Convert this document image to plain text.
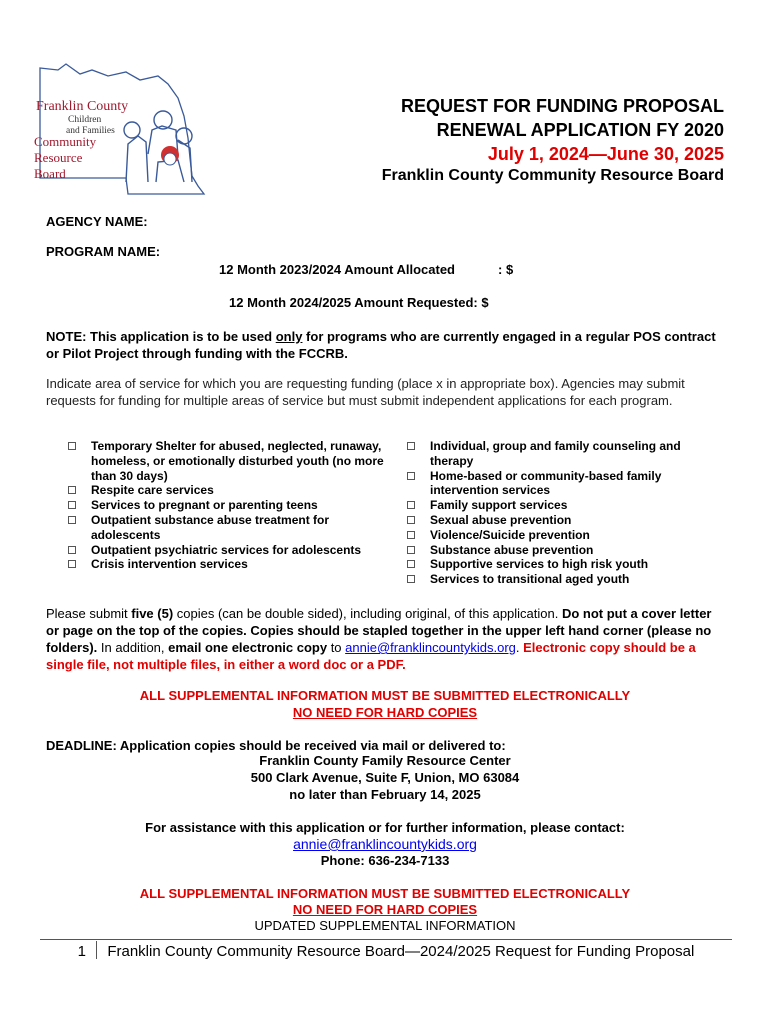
Franklin County
Children
and Families
Community
Resource
Board
REQUEST FOR FUNDING PROPOSAL
RENEWAL APPLICATION FY 2020
July 1, 2024—June 30, 2025
Franklin County Community Resource Board
AGENCY NAME:
PROGRAM NAME:
12 Month 2023/2024 Amount Allocated	: $
12 Month 2024/2025 Amount Requested: $
NOTE: This application is to be used only for programs who are currently engaged in a regular POS contract or Pilot Project through funding with the FCCRB.
Indicate area of service for which you are requesting funding (place x in appropriate box). Agencies may submit requests for funding for multiple areas of service but must submit independent applications for each program.
Temporary Shelter for abused, neglected, runaway, homeless, or emotionally disturbed youth (no more than 30 days)
Respite care services
Services to pregnant or parenting teens
Outpatient substance abuse treatment for adolescents
Outpatient psychiatric services for adolescents
Crisis intervention services
Individual, group and family counseling and therapy
Home-based or community-based family intervention services
Family support services
Sexual abuse prevention
Violence/Suicide prevention
Substance abuse prevention
Supportive services to high risk youth
Services to transitional aged youth
Please submit five (5) copies (can be double sided), including original, of this application. Do not put a cover letter or page on the top of the copies. Copies should be stapled together in the upper left hand corner (please no folders). In addition, email one electronic copy to annie@franklincountykids.org. Electronic copy should be a single file, not multiple files, in either a word doc or a PDF.
ALL SUPPLEMENTAL INFORMATION MUST BE SUBMITTED ELECTRONICALLY
NO NEED FOR HARD COPIES
DEADLINE: Application copies should be received via mail or delivered to:
Franklin County Family Resource Center
500 Clark Avenue, Suite F, Union, MO 63084
no later than February 14, 2025
For assistance with this application or for further information, please contact:
annie@franklincountykids.org
Phone: 636-234-7133
ALL SUPPLEMENTAL INFORMATION MUST BE SUBMITTED ELECTRONICALLY
NO NEED FOR HARD COPIES
UPDATED SUPPLEMENTAL INFORMATION
1 Franklin County Community Resource Board—2024/2025 Request for Funding Proposal
